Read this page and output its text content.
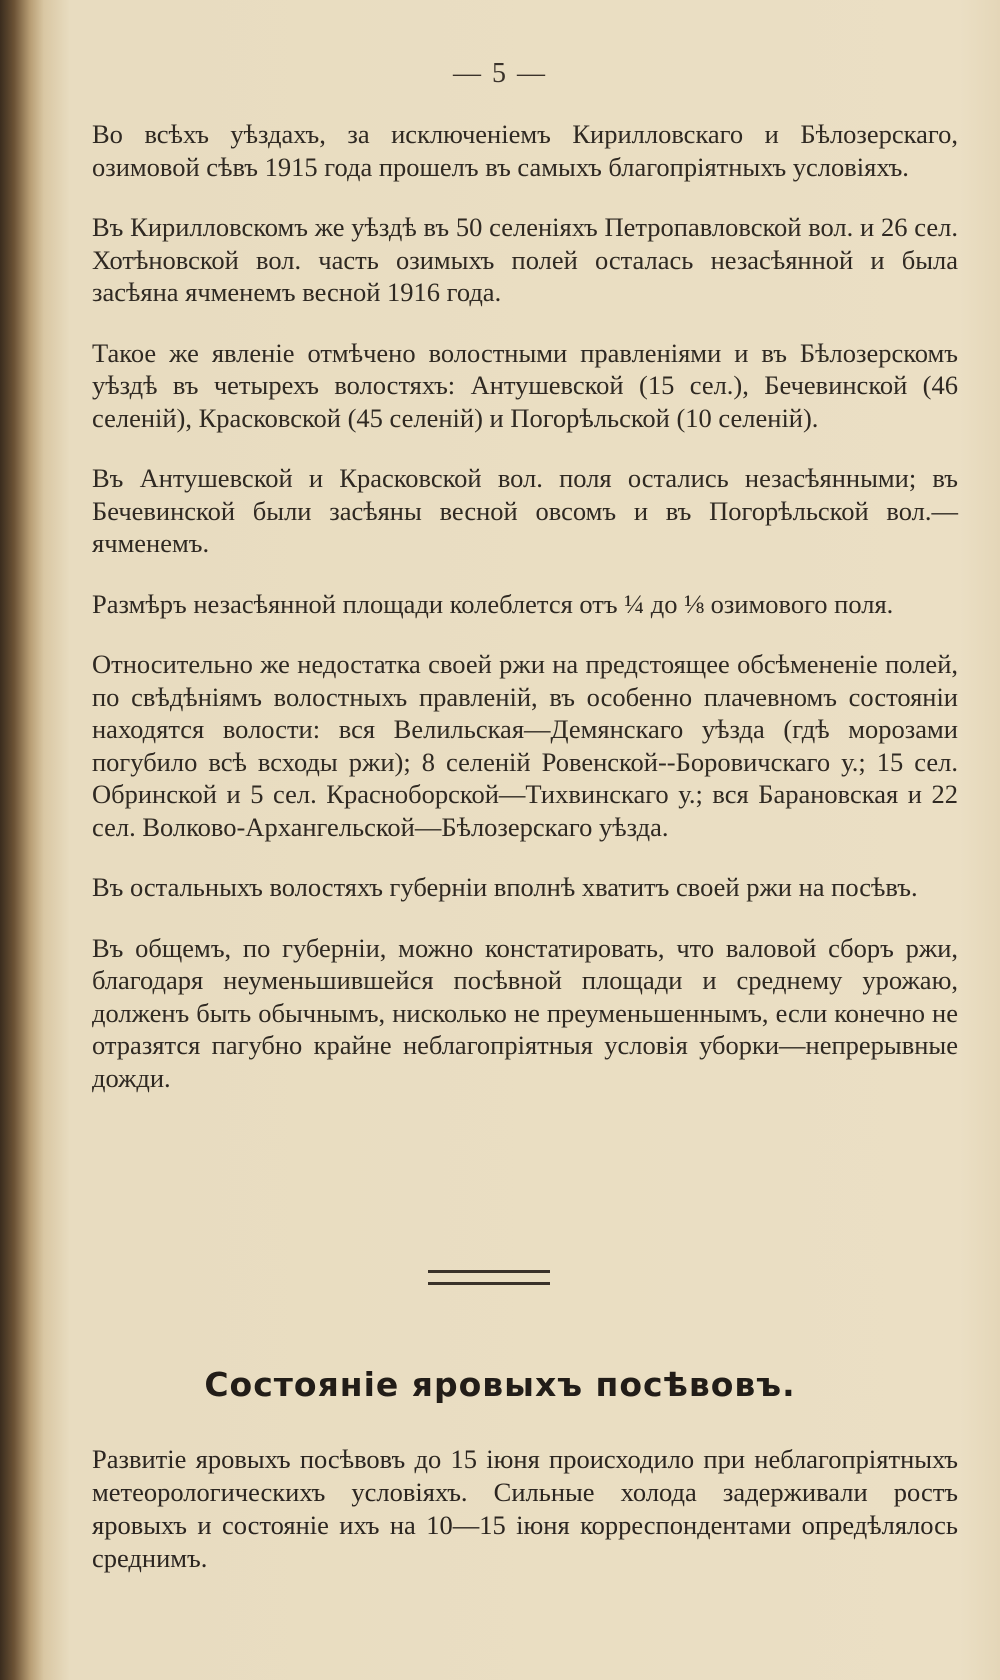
— 5 —

Во всѣхъ уѣздахъ, за исключеніемъ Кирилловскаго и Бѣлозерскаго, озимовой сѣвъ 1915 года прошелъ въ самыхъ благопріятныхъ условіяхъ.

Въ Кирилловскомъ же уѣздѣ въ 50 селеніяхъ Петропавловской вол. и 26 сел. Хотѣновской вол. часть озимыхъ полей осталась незасѣянной и была засѣяна ячменемъ весной 1916 года.

Такое же явленіе отмѣчено волостными правленіями и въ Бѣлозерскомъ уѣздѣ въ четырехъ волостяхъ: Антушевской (15 сел.), Бечевинской (46 селеній), Красковской (45 селеній) и Погорѣльской (10 селеній).

Въ Антушевской и Красковской вол. поля остались незасѣянными; въ Бечевинской были засѣяны весной овсомъ и въ Погорѣльской вол.—ячменемъ.

Размѣръ незасѣянной площади колеблется отъ ¼ до ⅛ озимового поля.

Относительно же недостатка своей ржи на предстоящее обсѣмененіе полей, по свѣдѣніямъ волостныхъ правленій, въ особенно плачевномъ состояніи находятся волости: вся Велильская—Демянскаго уѣзда (гдѣ морозами погубило всѣ всходы ржи); 8 селеній Ровенской--Боровичскаго у.; 15 сел. Обринской и 5 сел. Красноборской—Тихвинскаго у.; вся Барановская и 22 сел. Волково-Архангельской—Бѣлозерскаго уѣзда.

Въ остальныхъ волостяхъ губерніи вполнѣ хватитъ своей ржи на посѣвъ.

Въ общемъ, по губерніи, можно констатировать, что валовой сборъ ржи, благодаря неуменьшившейся посѣвной площади и среднему урожаю, долженъ быть обычнымъ, нисколько не преуменьшеннымъ, если конечно не отразятся пагубно крайне неблагопріятныя условія уборки—непрерывные дожди.

Состояніе яровыхъ посѣвовъ.
Развитіе яровыхъ посѣвовъ до 15 іюня происходило при неблагопріятныхъ метеорологическихъ условіяхъ. Сильные холода задерживали ростъ яровыхъ и состояніе ихъ на 10—15 іюня корреспондентами опредѣлялось среднимъ.
